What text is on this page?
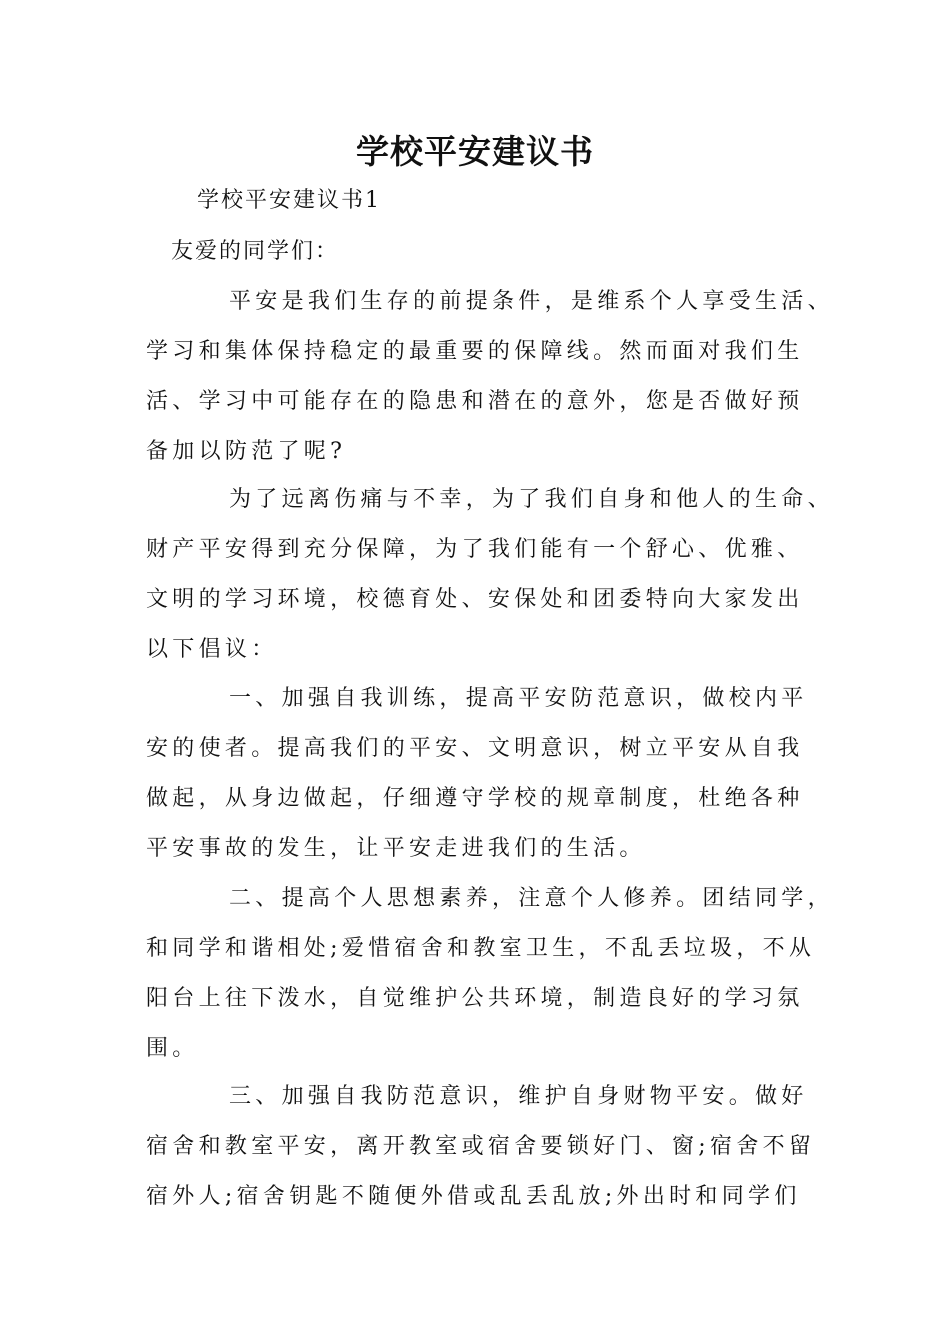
学校平安建议书

学校平安建议书1

友爱的同学们：

平安是我们生存的前提条件，是维系个人享受生活、
学习和集体保持稳定的最重要的保障线。然而面对我们生
活、学习中可能存在的隐患和潜在的意外，您是否做好预
备加以防范了呢?
为了远离伤痛与不幸，为了我们自身和他人的生命、
财产平安得到充分保障，为了我们能有一个舒心、优雅、
文明的学习环境，校德育处、安保处和团委特向大家发出
以下倡议：
一、加强自我训练，提高平安防范意识，做校内平
安的使者。提高我们的平安、文明意识，树立平安从自我
做起，从身边做起，仔细遵守学校的规章制度，杜绝各种
平安事故的发生，让平安走进我们的生活。
二、提高个人思想素养，注意个人修养。团结同学，
和同学和谐相处;爱惜宿舍和教室卫生，不乱丢垃圾，不从
阳台上往下泼水，自觉维护公共环境，制造良好的学习氛
围。
三、加强自我防范意识，维护自身财物平安。做好
宿舍和教室平安，离开教室或宿舍要锁好门、窗;宿舍不留
宿外人;宿舍钥匙不随便外借或乱丢乱放;外出时和同学们
